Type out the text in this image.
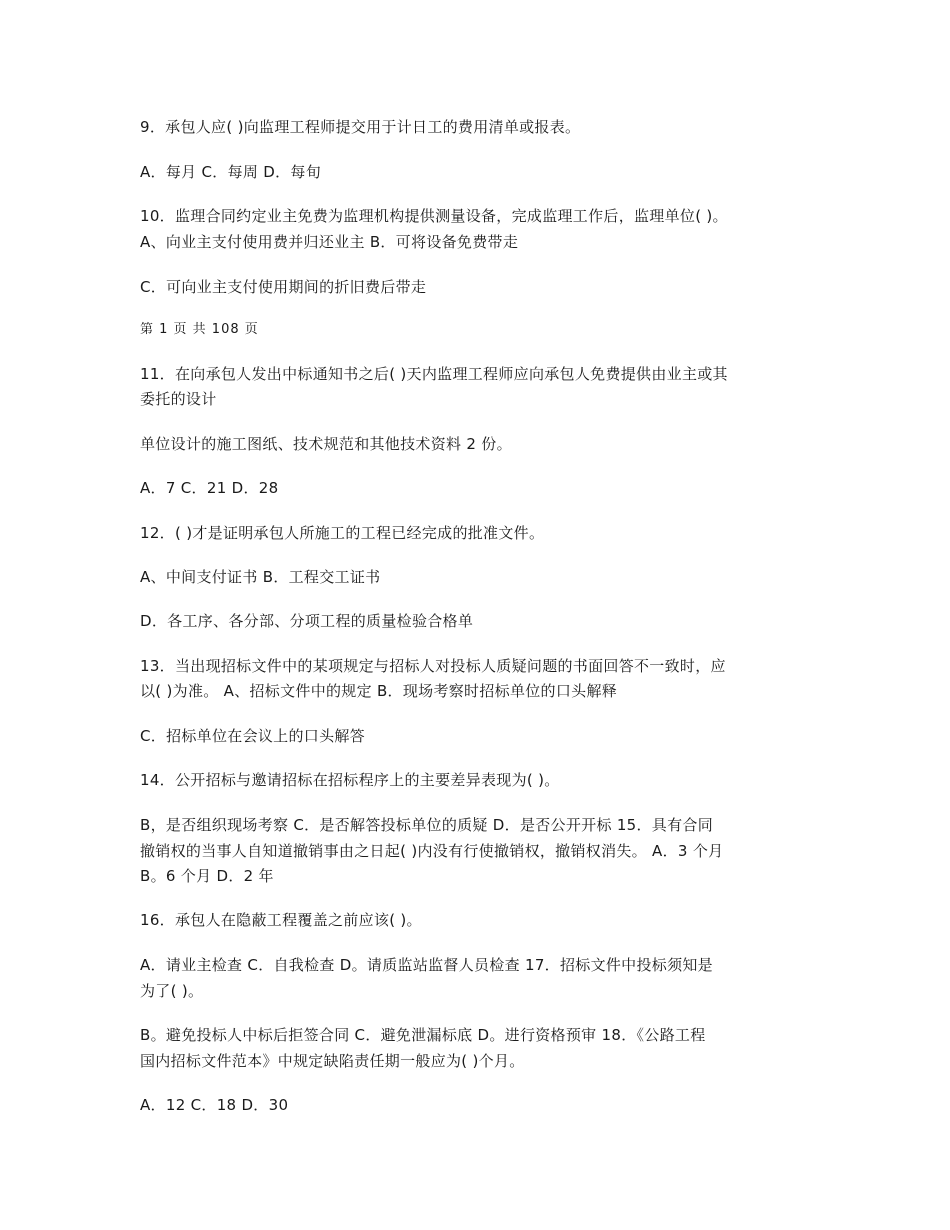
9．承包人应( )向监理工程师提交用于计日工的费用清单或报表。

A．每月 C．每周 D．每旬

10．监理合同约定业主免费为监理机构提供测量设备，完成监理工作后，监理单位( )。

A、向业主支付使用费并归还业主 B．可将设备免费带走

C．可向业主支付使用期间的折旧费后带走

第 1 页 共 108 页

11．在向承包人发出中标通知书之后( )天内监理工程师应向承包人免费提供由业主或其

委托的设计

单位设计的施工图纸、技术规范和其他技术资料 2 份。

A．7 C．21 D．28

12．( )才是证明承包人所施工的工程已经完成的批准文件。

A、中间支付证书 B．工程交工证书

D．各工序、各分部、分项工程的质量检验合格单

13．当出现招标文件中的某项规定与招标人对投标人质疑问题的书面回答不一致时，应

以( )为准。 A、招标文件中的规定 B．现场考察时招标单位的口头解释

C．招标单位在会议上的口头解答

14．公开招标与邀请招标在招标程序上的主要差异表现为( )。

B，是否组织现场考察 C．是否解答投标单位的质疑 D．是否公开开标 15．具有合同

撤销权的当事人自知道撤销事由之日起( )内没有行使撤销权，撤销权消失。 A．3 个月

B。6 个月 D．2 年

16．承包人在隐蔽工程覆盖之前应该( )。

A．请业主检查 C．自我检查 D。请质监站监督人员检查 17．招标文件中投标须知是

为了( )。

B。避免投标人中标后拒签合同 C．避免泄漏标底 D。进行资格预审 18．《公路工程

国内招标文件范本》中规定缺陷责任期一般应为( )个月。

A．12 C．18 D．30
